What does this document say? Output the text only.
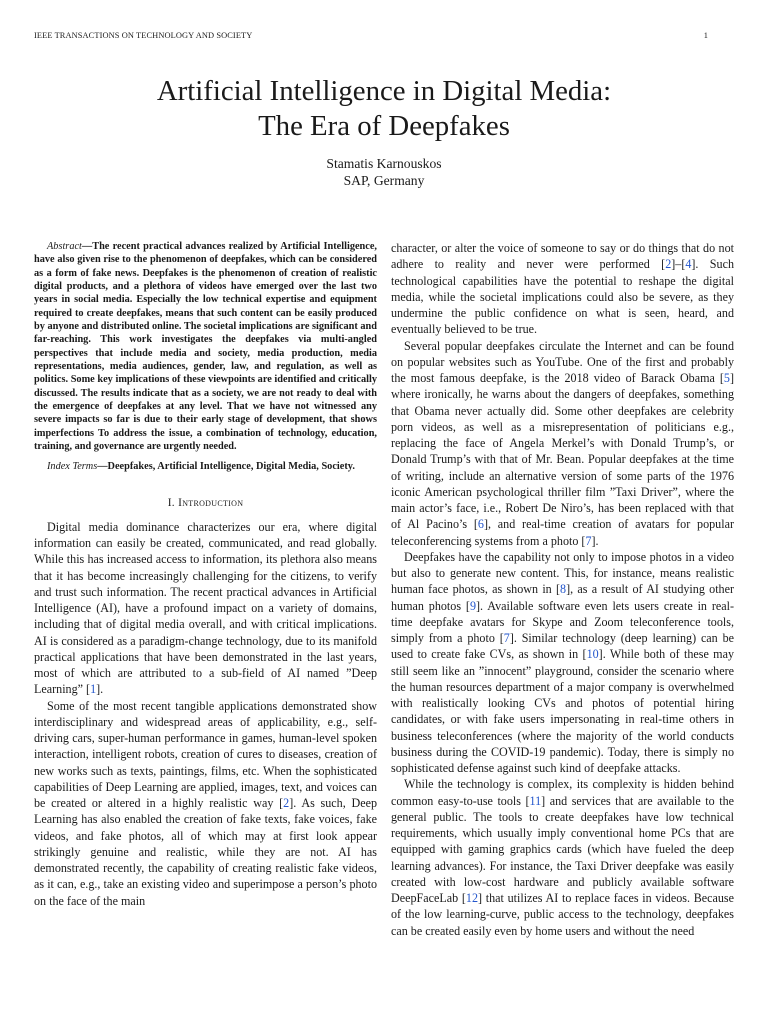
IEEE TRANSACTIONS ON TECHNOLOGY AND SOCIETY	1
Artificial Intelligence in Digital Media:
The Era of Deepfakes
Stamatis Karnouskos
SAP, Germany

Abstract—The recent practical advances realized by Artificial Intelligence, have also given rise to the phenomenon of deepfakes, which can be considered as a form of fake news. Deepfakes is the phenomenon of creation of realistic digital products, and a plethora of videos have emerged over the last two years in social media. Especially the low technical expertise and equipment required to create deepfakes, means that such content can be easily produced by anyone and distributed online. The societal implications are significant and far-reaching. This work investigates the deepfakes via multi-angled perspectives that include media and society, media production, media representations, media audiences, gender, law, and regulation, as well as politics. Some key implications of these viewpoints are identified and critically discussed. The results indicate that as a society, we are not ready to deal with the emergence of deepfakes at any level. That we have not witnessed any severe impacts so far is due to their early stage of development, that shows imperfections To address the issue, a combination of technology, education, training, and governance are urgently needed.

Index Terms—Deepfakes, Artificial Intelligence, Digital Media, Society.

I. Introduction

Digital media dominance characterizes our era, where digital information can easily be created, communicated, and read globally. While this has increased access to information, its plethora also means that it has become increasingly challenging for the citizens, to verify and trust such information. The recent practical advances in Artificial Intelligence (AI), have a profound impact on a variety of domains, including that of digital media overall, and with critical implications. AI is considered as a paradigm-change technology, due to its manifold practical applications that have been demonstrated in the last years, most of which are attributed to a sub-field of AI named ”Deep Learning” [1].

Some of the most recent tangible applications demonstrated show interdisciplinary and widespread areas of applicability, e.g., self-driving cars, super-human performance in games, human-level spoken interaction, intelligent robots, creation of cures to diseases, creation of new works such as texts, paintings, films, etc. When the sophisticated capabilities of Deep Learning are applied, images, text, and voices can be created or altered in a highly realistic way [2]. As such, Deep Learning has also enabled the creation of fake texts, fake voices, fake videos, and fake photos, all of which may at first look appear strikingly genuine and realistic, while they are not. AI has demonstrated recently, the capability of creating realistic fake videos, as it can, e.g., take an existing video and superimpose a person’s photo on the face of the main

character, or alter the voice of someone to say or do things that do not adhere to reality and never were performed [2]–[4]. Such technological capabilities have the potential to reshape the digital media, while the societal implications could also be severe, as they undermine the public confidence on what is seen, heard, and eventually believed to be true.

Several popular deepfakes circulate the Internet and can be found on popular websites such as YouTube. One of the first and probably the most famous deepfake, is the 2018 video of Barack Obama [5] where ironically, he warns about the dangers of deepfakes, something that Obama never actually did. Some other deepfakes are celebrity porn videos, as well as a misrepresentation of politicians e.g., replacing the face of Angela Merkel’s with Donald Trump’s, or Donald Trump’s with that of Mr. Bean. Popular deepfakes at the time of writing, include an alternative version of some parts of the 1976 iconic American psychological thriller film ”Taxi Driver”, where the main actor’s face, i.e., Robert De Niro’s, has been replaced with that of Al Pacino’s [6], and real-time creation of avatars for popular teleconferencing systems from a photo [7].

Deepfakes have the capability not only to impose photos in a video but also to generate new content. This, for instance, means realistic human face photos, as shown in [8], as a result of AI studying other human photos [9]. Available software even lets users create in real-time deepfake avatars for Skype and Zoom teleconference tools, simply from a photo [7]. Similar technology (deep learning) can be used to create fake CVs, as shown in [10]. While both of these may still seem like an ”innocent” playground, consider the scenario where the human resources department of a major company is overwhelmed with realistically looking CVs and photos of potential hiring candidates, or with fake users impersonating in real-time others in business teleconferences (where the majority of the world conducts business during the COVID-19 pandemic). Today, there is simply no sophisticated defense against such kind of deepfake attacks.

While the technology is complex, its complexity is hidden behind common easy-to-use tools [11] and services that are available to the general public. The tools to create deepfakes have low technical requirements, which usually imply conventional home PCs that are equipped with gaming graphics cards (which have fueled the deep learning advances). For instance, the Taxi Driver deepfake was easily created with low-cost hardware and publicly available software DeepFaceLab [12] that utilizes AI to replace faces in videos. Because of the low learning-curve, public access to the technology, deepfakes can be created easily even by home users and without the need
